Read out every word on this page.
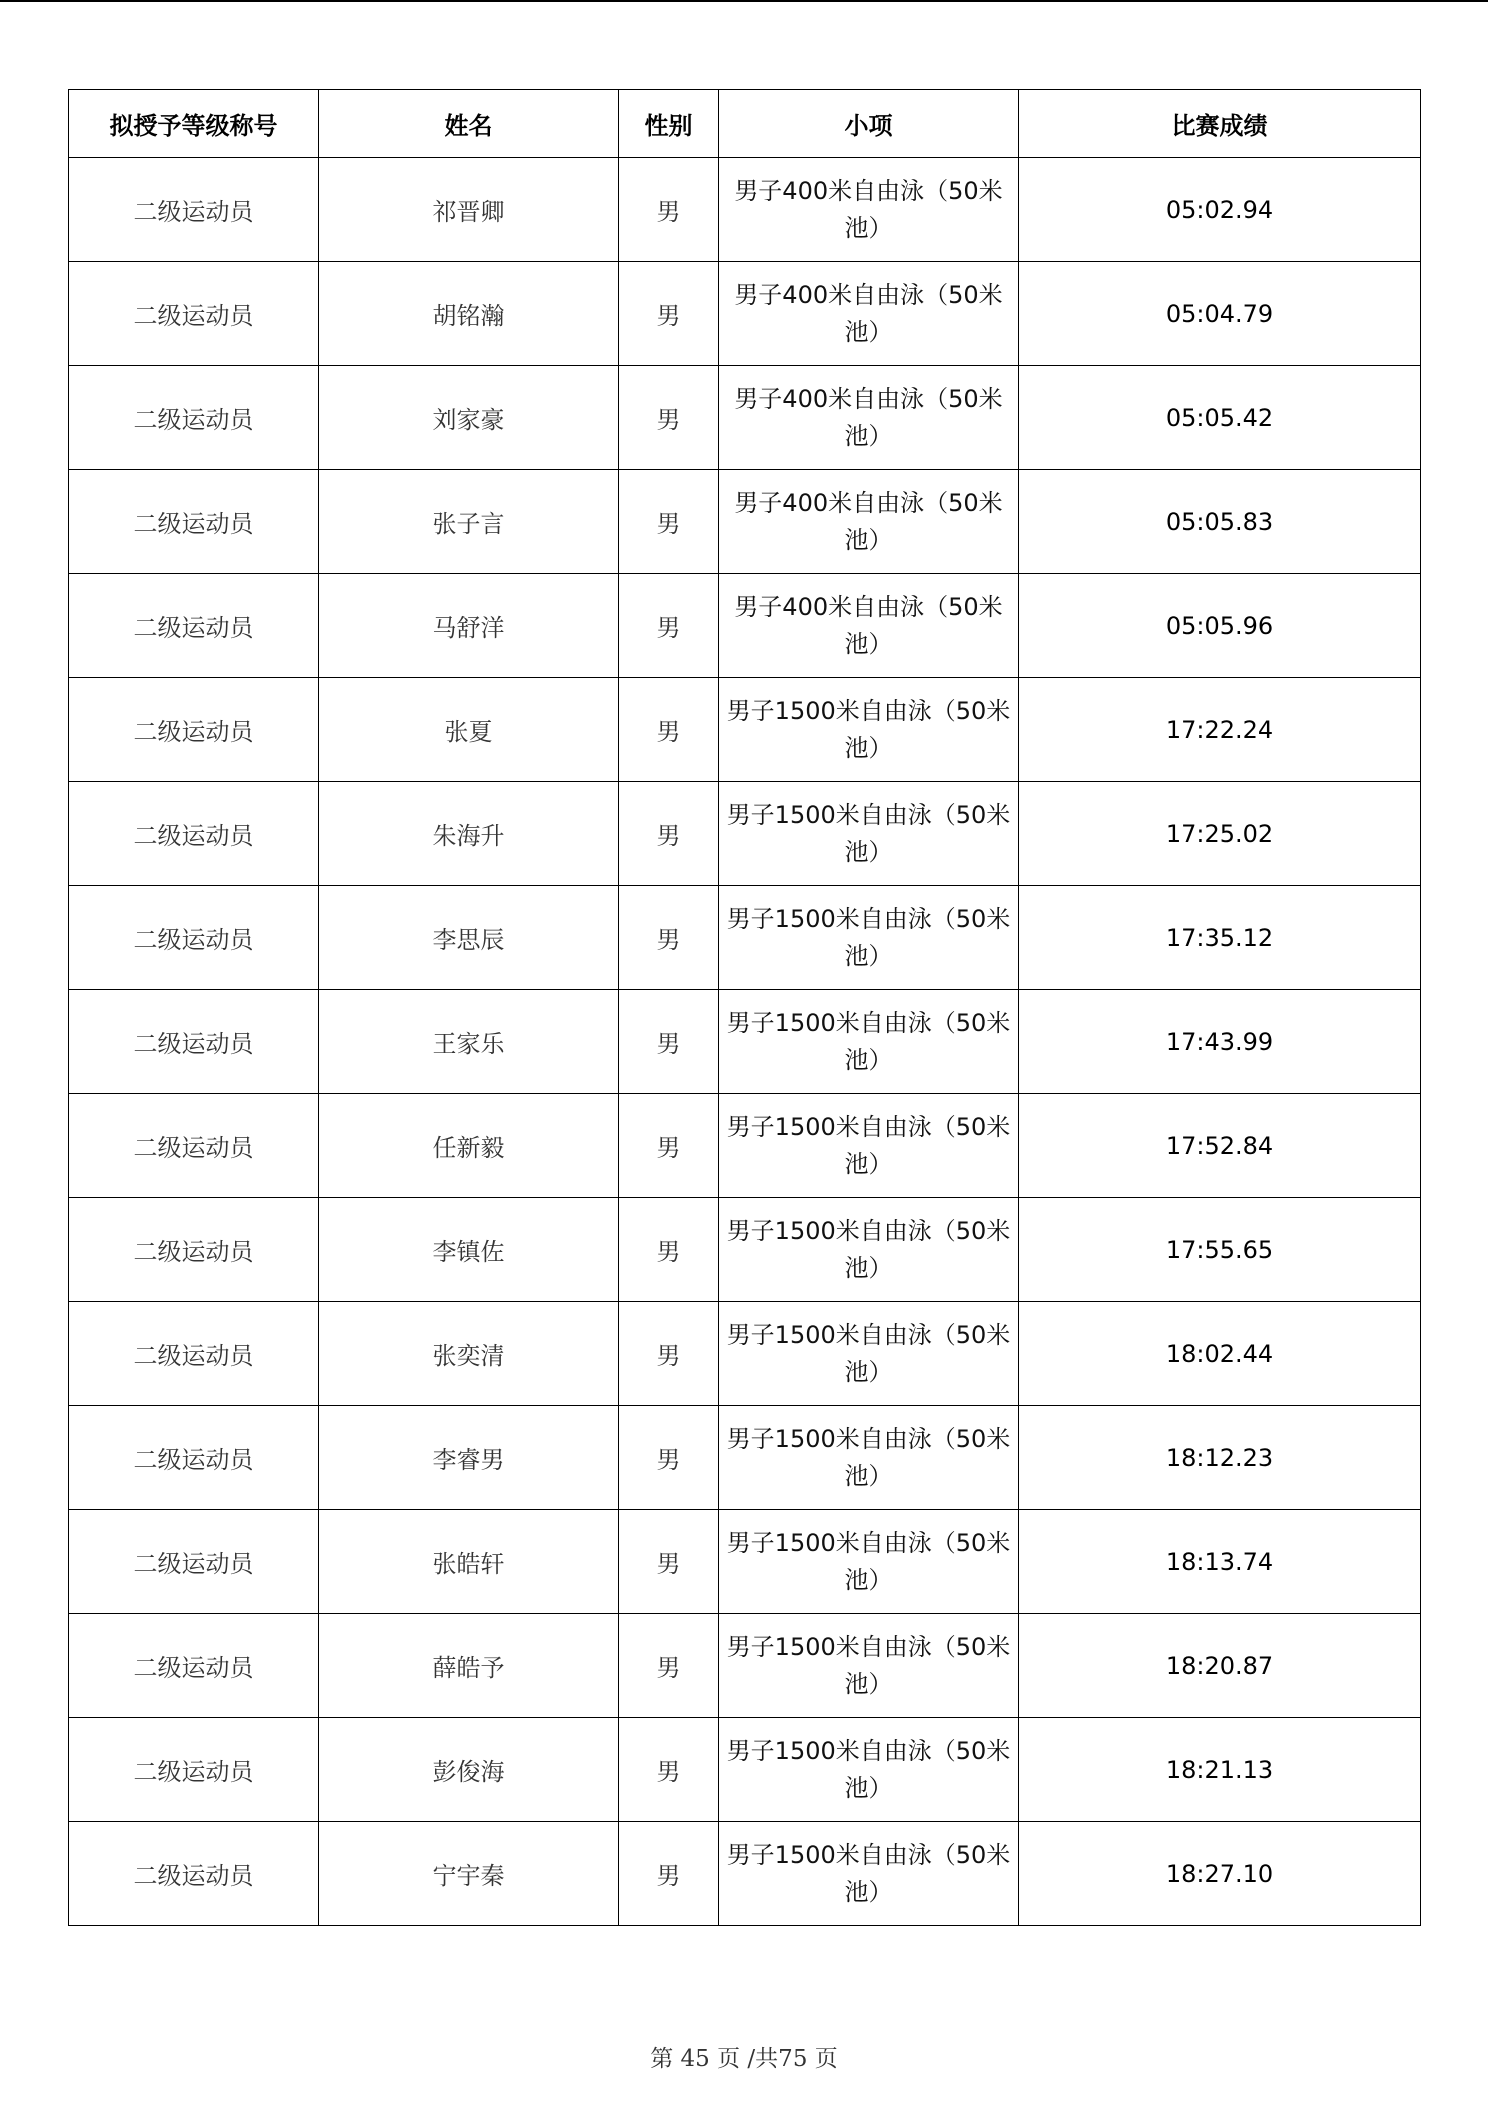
拟授予等级称号	姓名	性别	小项	比赛成绩
二级运动员	祁晋卿	男	男子400米自由泳（50米池）	05:02.94
二级运动员	胡铭瀚	男	男子400米自由泳（50米池）	05:04.79
二级运动员	刘家豪	男	男子400米自由泳（50米池）	05:05.42
二级运动员	张子言	男	男子400米自由泳（50米池）	05:05.83
二级运动员	马舒洋	男	男子400米自由泳（50米池）	05:05.96
二级运动员	张夏	男	男子1500米自由泳（50米池）	17:22.24
二级运动员	朱海升	男	男子1500米自由泳（50米池）	17:25.02
二级运动员	李思辰	男	男子1500米自由泳（50米池）	17:35.12
二级运动员	王家乐	男	男子1500米自由泳（50米池）	17:43.99
二级运动员	任新毅	男	男子1500米自由泳（50米池）	17:52.84
二级运动员	李镇佐	男	男子1500米自由泳（50米池）	17:55.65
二级运动员	张奕清	男	男子1500米自由泳（50米池）	18:02.44
二级运动员	李睿男	男	男子1500米自由泳（50米池）	18:12.23
二级运动员	张皓轩	男	男子1500米自由泳（50米池）	18:13.74
二级运动员	薛皓予	男	男子1500米自由泳（50米池）	18:20.87
二级运动员	彭俊海	男	男子1500米自由泳（50米池）	18:21.13
二级运动员	宁宇秦	男	男子1500米自由泳（50米池）	18:27.10
第 45 页 /共75 页
